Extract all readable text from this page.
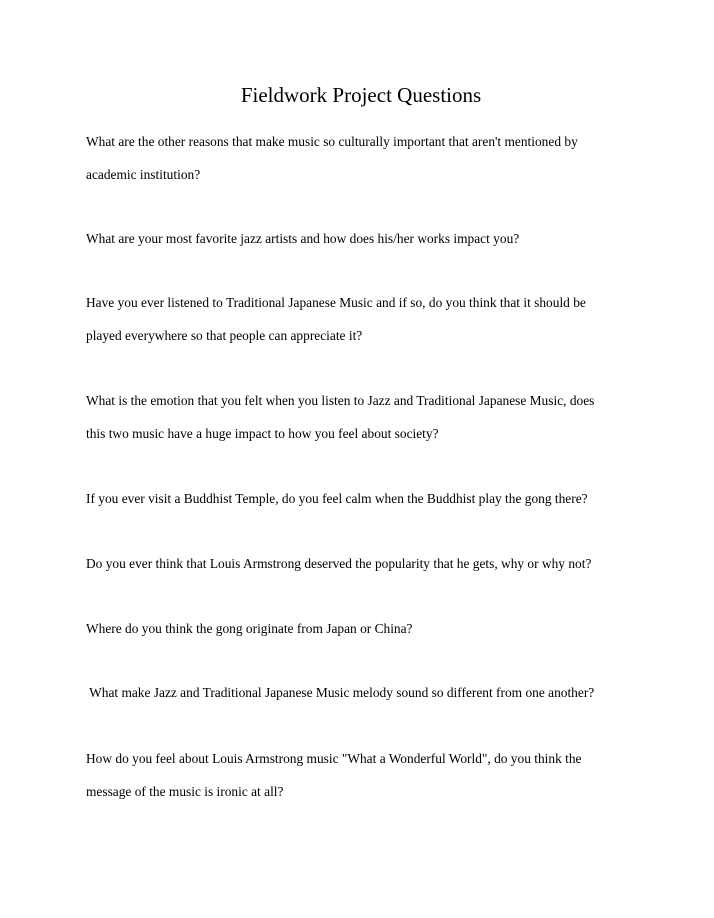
Fieldwork Project Questions
What are the other reasons that make music so culturally important that aren't mentioned by
academic institution?
What are your most favorite jazz artists and how does his/her works impact you?
Have you ever listened to Traditional Japanese Music and if so, do you think that it should be
played everywhere so that people can appreciate it?
What is the emotion that you felt when you listen to Jazz and Traditional Japanese Music, does
this two music have a huge impact to how you feel about society?
If you ever visit a Buddhist Temple, do you feel calm when the Buddhist play the gong there?
Do you ever think that Louis Armstrong deserved the popularity that he gets, why or why not?
Where do you think the gong originate from Japan or China?
What make Jazz and Traditional Japanese Music melody sound so different from one another?
How do you feel about Louis Armstrong music "What a Wonderful World", do you think the
message of the music is ironic at all?
